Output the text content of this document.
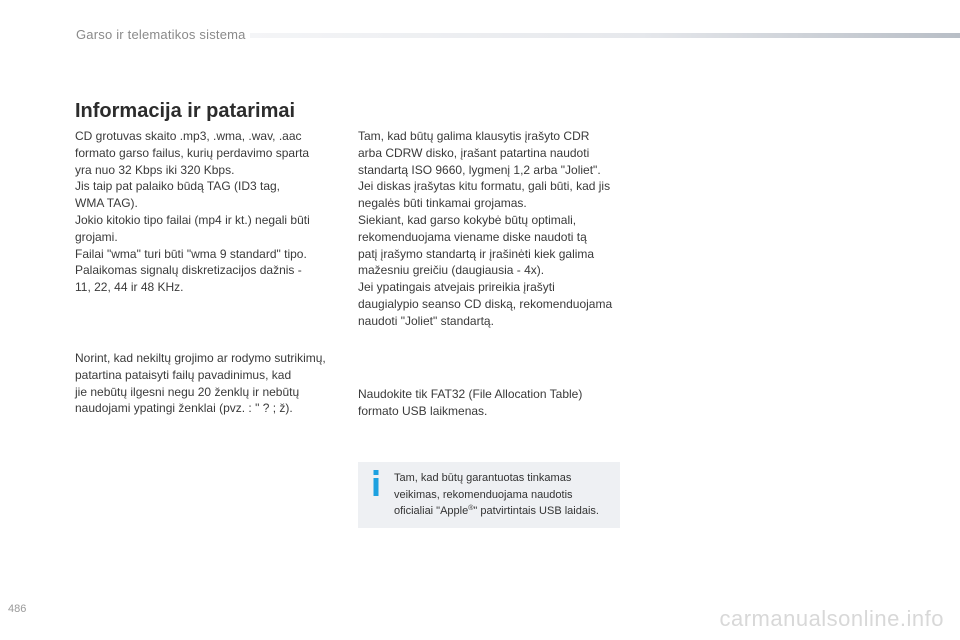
Garso ir telematikos sistema
Informacija ir patarimai
CD grotuvas skaito .mp3, .wma, .wav, .aac
formato garso failus, kurių perdavimo sparta
yra nuo 32 Kbps iki 320 Kbps.
Jis taip pat palaiko būdą TAG (ID3 tag,
WMA TAG).
Jokio kitokio tipo failai (mp4 ir kt.) negali būti
grojami.
Failai "wma" turi būti "wma 9 standard" tipo.
Palaikomas signalų diskretizacijos dažnis -
11, 22, 44 ir 48 KHz.
Norint, kad nekiltų grojimo ar rodymo sutrikimų,
patartina pataisyti failų pavadinimus, kad
jie nebūtų ilgesni negu 20 ženklų ir nebūtų
naudojami ypatingi ženklai (pvz. : " ? ; ž).
Tam, kad būtų galima klausytis įrašyto CDR
arba CDRW disko, įrašant patartina naudoti
standartą ISO 9660, lygmenį 1,2 arba "Joliet".
Jei diskas įrašytas kitu formatu, gali būti, kad jis
negalės būti tinkamai grojamas.
Siekiant, kad garso kokybė būtų optimali,
rekomenduojama viename diske naudoti tą
patį įrašymo standartą ir įrašinėti kiek galima
mažesniu greičiu (daugiausia - 4x).
Jei ypatingais atvejais prireikia įrašyti
daugialypio seanso CD diską, rekomenduojama
naudoti "Joliet" standartą.
Naudokite tik FAT32 (File Allocation Table)
formato USB laikmenas.
Tam, kad būtų garantuotas tinkamas
veikimas, rekomenduojama naudotis
oficialiai "Apple®" patvirtintais USB laidais.
486	carmanualsonline.info
